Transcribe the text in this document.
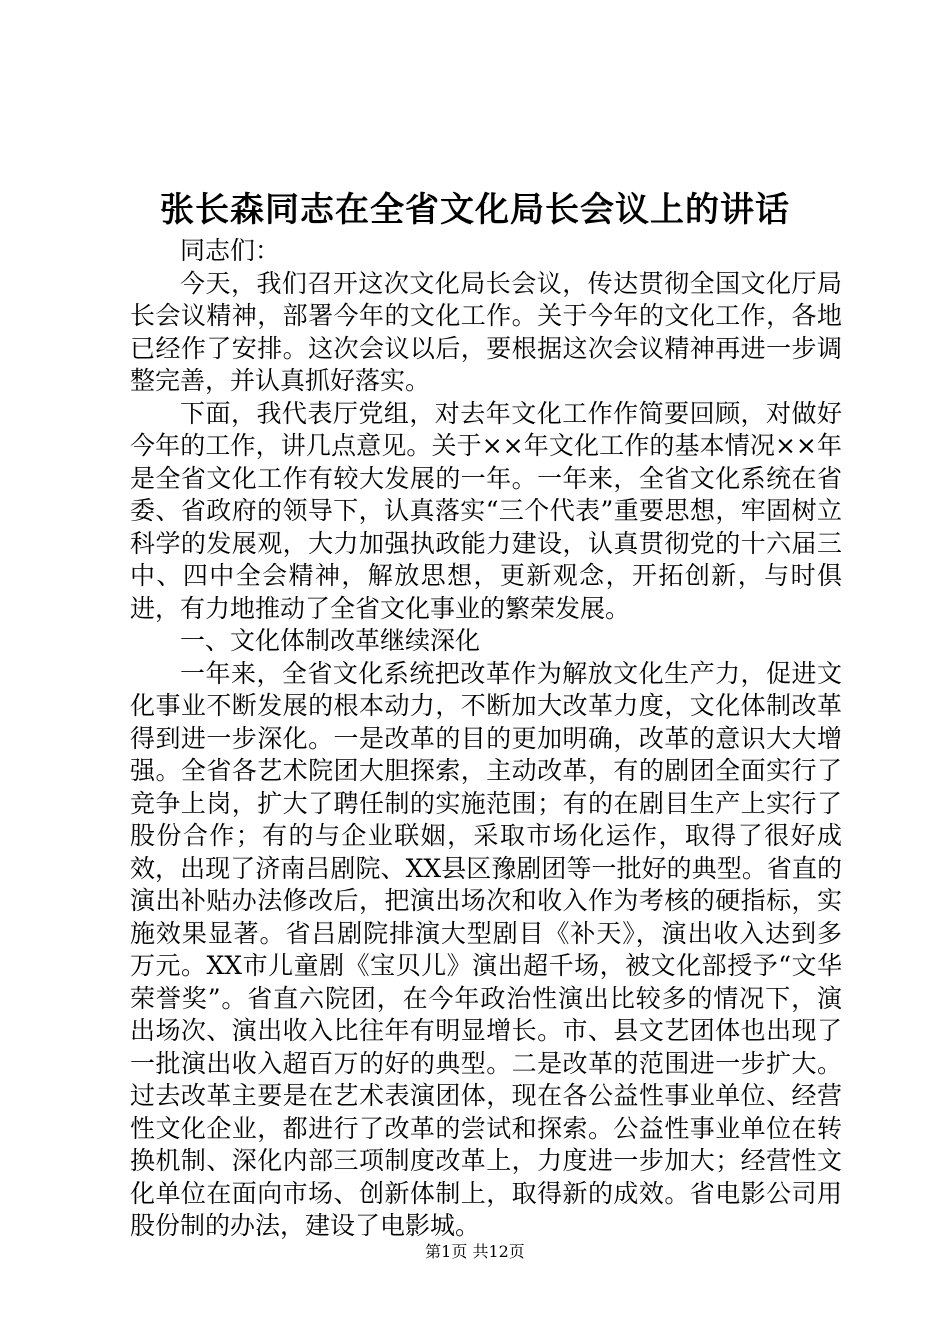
张长森同志在全省文化局长会议上的讲话

同志们：

今天，我们召开这次文化局长会议，传达贯彻全国文化厅局长会议精神，部署今年的文化工作。关于今年的文化工作，各地已经作了安排。这次会议以后，要根据这次会议精神再进一步调整完善，并认真抓好落实。

下面，我代表厅党组，对去年文化工作作简要回顾，对做好今年的工作，讲几点意见。关于××年文化工作的基本情况××年是全省文化工作有较大发展的一年。一年来，全省文化系统在省委、省政府的领导下，认真落实“三个代表”重要思想，牢固树立科学的发展观，大力加强执政能力建设，认真贯彻党的十六届三中、四中全会精神，解放思想，更新观念，开拓创新，与时俱进，有力地推动了全省文化事业的繁荣发展。

一、文化体制改革继续深化

一年来，全省文化系统把改革作为解放文化生产力，促进文化事业不断发展的根本动力，不断加大改革力度，文化体制改革得到进一步深化。一是改革的目的更加明确，改革的意识大大增强。全省各艺术院团大胆探索，主动改革，有的剧团全面实行了竞争上岗，扩大了聘任制的实施范围；有的在剧目生产上实行了股份合作；有的与企业联姻，采取市场化运作，取得了很好成效，出现了济南吕剧院、XX县区豫剧团等一批好的典型。省直的演出补贴办法修改后，把演出场次和收入作为考核的硬指标，实施效果显著。省吕剧院排演大型剧目《补天》，演出收入达到多万元。XX市儿童剧《宝贝儿》演出超千场，被文化部授予“文华荣誉奖”。省直六院团，在今年政治性演出比较多的情况下，演出场次、演出收入比往年有明显增长。市、县文艺团体也出现了一批演出收入超百万的好的典型。二是改革的范围进一步扩大。过去改革主要是在艺术表演团体，现在各公益性事业单位、经营性文化企业，都进行了改革的尝试和探索。公益性事业单位在转换机制、深化内部三项制度改革上，力度进一步加大；经营性文化单位在面向市场、创新体制上，取得新的成效。省电影公司用股份制的办法，建设了电影城。

第1页 共12页
